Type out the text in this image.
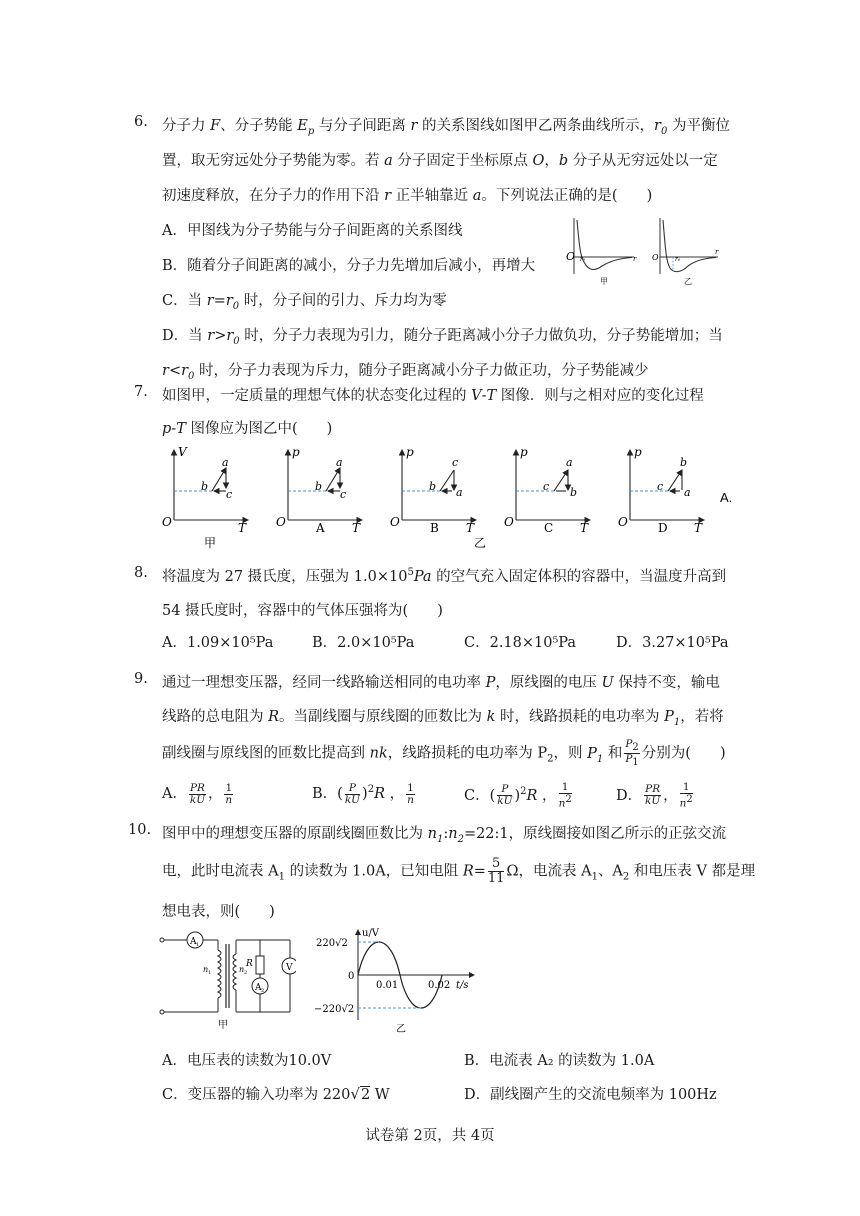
6. 分子力 F、分子势能 $E_p$ 与分子间距离 r 的关系图线如图甲乙两条曲线所示，$r_0$ 为平衡位
置，取无穷远处分子势能为零。若 a 分子固定于坐标原点 O，b 分子从无穷远处以一定
初速度释放，在分子力的作用下沿 r 正半轴靠近 a。下列说法正确的是(　　)
A．甲图线为分子势能与分子间距离的关系图线
B．随着分子间距离的减小，分子力先增加后减小，再增大
C．当 $r=r_0$ 时，分子间的引力、斥力均为零
D．当 $r>r_0$ 时，分子力表现为引力，随分子距离减小分子力做负功，分子势能增加；当
$r<r_0$ 时，分子力表现为斥力，随分子距离减小分子力做正功，分子势能减少
O r₀	r
甲
O	r₀
r
乙
7. 如图甲，一定质量的理想气体的状态变化过程的 V-T 图像．则与之相对应的变化过程
p-T 图像应为图乙中(　　)
V
O	T
a
b
c
甲
p
O	T
a
b
c
A
p
O	T
c
b a
B
乙
p
O	T
a
c b
C
p
O	T
b
c a
D
A.
8. 将温度为 27 摄氏度，压强为 $1.0\times 10^5Pa$ 的空气充入固定体积的容器中，当温度升高到
54 摄氏度时，容器中的气体压强将为(　　)
A．1.09×10⁵Pa	B．2.0×10⁵Pa	C．2.18×10⁵Pa	D．3.27×10⁵Pa
9. 通过一理想变压器，经同一线路输送相同的电功率 P，原线圈的电压 U 保持不变，输电
线路的总电阻为 R。当副线圈与原线圈的匝数比为 k 时，线路损耗的电功率为 $P_1$，若将
副线圈与原线图的匝数比提高到 nk，线路损耗的电功率为 $P_2$，则 $P_1$ 和 $\frac{P_2}{P_1}$ 分别为(　　)
A． $\frac{PR}{kU}$ ， $\frac{1}{n}$	B．( $\frac{P}{kU} )^2R$ ， $\frac{1}{n}$	C．( $\frac{P}{kU} )^2R$ ， $\frac{1}{n^2}$	D． $\frac{PR}{kU}$ ， $\frac{1}{n^2}$
10. 图甲中的理想变压器的原副线圈匝数比为 $n_1:n_2=22:1$，原线圈接如图乙所示的正弦交流
电，此时电流表 $A_1$ 的读数为 1.0A，已知电阻 $R= \frac{5}{11}$ Ω，电流表 $A_1$、$A_2$ 和电压表 V 都是理
想电表，则(　　)
A 1
A 2
V
R
n 1	n 2
甲
u/V
220√2
0
0.01	0.02 t/s
−220√2
乙
A．电压表的读数为10.0V	B．电流表 A₂ 的读数为 1.0A
C．变压器的输入功率为 220√2 W	D．副线圈产生的交流电频率为 100Hz
试卷第 2页，共 4页
